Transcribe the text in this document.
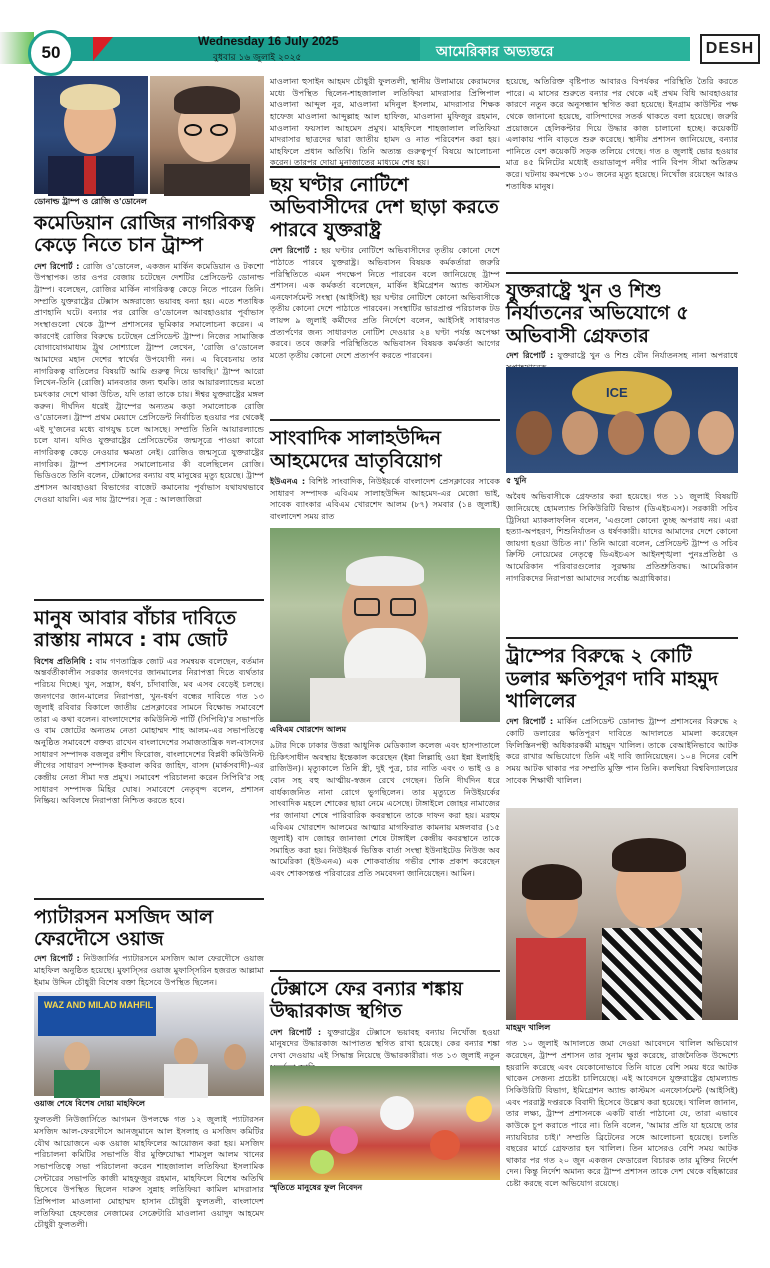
50
Wednesday 16 July 2025
বুধবার ১৬ জুলাই ২০২৫	আমেরিকার অভ্যন্তরে	DESH
ডোনাল্ড ট্রাম্প ও রোজি ও'ডোনেল
কমেডিয়ান রোজির নাগরিকত্ব কেড়ে নিতে চান ট্রাম্প
দেশ রিপোর্ট : রোজি ও'ডোনেল, একজন মার্কিন কমেডিয়ান ও টকশো উপস্থাপক। তার ওপর বেজায় চটেছেন দেশটির প্রেসিডেন্ট ডোনাল্ড ট্রাম্প। বলেছেন, রোজির মার্কিন নাগরিকত্ব কেড়ে নিতে পারেন তিনি। সম্প্রতি যুক্তরাষ্ট্রের টেক্সাস অঙ্গরাজ্যে ভয়াবহ বন্যা হয়। এতে শতাধিক প্রাণহানি ঘটে। বন্যার পর রোজি ও'ডোনেল আবহাওয়ার পূর্বাভাস সংস্থাগুলো থেকে ট্রাম্প প্রশাসনের ভূমিকার সমালোচনা করেন। এ কারণেই রোজির বিরুদ্ধে চটেছেন প্রেসিডেন্ট ট্রাম্প। নিজের সামাজিক যোগাযোগমাধ্যম ট্রুথ সোশ্যালে ট্রাম্প লেখেন, 'রোজি ও'ডোনেল আমাদের মহান দেশের স্বার্থের উপযোগী নন। এ বিবেচনায় তার নাগরিকত্ব বাতিলের বিষয়টি আমি গুরুত্ব দিয়ে ভাবছি।' ট্রাম্প আরো লিখেন-তিনি (রোজি) মানবতার জন্য হুমকি। তার আয়ারল্যান্ডের মতো চমৎকার দেশে থাকা উচিত, যদি তারা তাকে চায়। ঈশ্বর যুক্তরাষ্ট্রের মঙ্গল করুন। দীর্ঘদিন ধরেই ট্রাম্পের অন্যতম কড়া সমালোচক রোজি ও'ডোনেল। ট্রাম্প প্রথম মেয়াদে প্রেসিডেন্ট নির্বাচিত হওয়ার পর থেকেই এই দু'জনের মধ্যে বাগযুদ্ধ চলে আসছে। সম্প্রতি তিনি আয়ারল্যান্ডে চলে যান। যদিও যুক্তরাষ্ট্রের প্রেসিডেন্টের জন্মসূত্রে পাওয়া কারো নাগরিকত্ব কেড়ে নেওয়ার ক্ষমতা নেই। রোজিও জন্মসূত্রে যুক্তরাষ্ট্রের নাগরিক। ট্রাম্প প্রশাসনের সমালোচনার কী বলেছিলেন রোজি। ভিডিওতে তিনি বলেন, টেক্সাসের বন্যায় বহু মানুষের মৃত্যু হয়েছে। ট্রাম্প প্রশাসন আবহাওয়া বিভাগের বাজেট কমানোয় পূর্বাভাস যথাযথভাবে দেওয়া যায়নি। এর দায় ট্রাম্পের। সূত্র : আলজাজিরা
মানুষ আবার বাঁচার দাবিতে রাস্তায় নামবে : বাম জোট
বিশেষ প্রতিনিধি : বাম গণতান্ত্রিক জোট এর সমন্বয়ক বলেছেন, বর্তমান অন্তর্বর্তীকালীন সরকার জনগণের জানমালের নিরাপত্তা দিতে ব্যর্থতার পরিচয় দিচ্ছে। খুন, সন্ত্রাস, ধর্ষণ, চাঁদাবাজি, মব এসব বেড়েই চলছে। জনগণের জান-মালের নিরাপত্তা, খুন-ধর্ষণ বন্ধের দাবিতে গত ১৩ জুলাই রবিবার বিকালে জাতীয় প্রেসক্লাবের সামনে বিক্ষোভ সমাবেশে তারা এ কথা বলেন। বাংলাদেশের কমিউনিস্ট পার্টি (সিপিবি)'র সভাপতি ও বাম জোটের অন্যতম নেতা মোহাম্মদ শাহ আলম-এর সভাপতিত্বে অনুষ্ঠিত সমাবেশে বক্তব্য রাখেন বাংলাদেশের সমাজতান্ত্রিক দল-বাসদের সাধারণ সম্পাদক বজলুর রশীদ ফিরোজ, বাংলাদেশের বিপ্লবী কমিউনিস্ট লীগের সাধারণ সম্পাদক ইকবাল কবির জাহিদ, বাসদ (মার্কসবাদী)-এর কেন্দ্রীয় নেতা সীমা দত্ত প্রমুখ। সমাবেশ পরিচালনা করেন সিপিবি'র সহ সাধারণ সম্পাদক মিহির ঘোষ। সমাবেশে নেতৃবৃন্দ বলেন, প্রশাসন নিষ্ক্রিয়। অবিলম্বে নিরাপত্তা নিশ্চিত করতে হবে।
প্যাটারসন মসজিদ আল ফেরদৌসে ওয়াজ
দেশ রিপোর্ট : নিউজার্সির প্যাটারসনে মসজিদ আল ফেরদৌসে ওয়াজ মাহফিল অনুষ্ঠিত হয়েছে। মুফাস্সির ওয়াজ মুফাস্সিরিন হজরত আল্লামা ইমাম উদ্দিন চৌধুরী বিশেষ বক্তা হিসেবে উপস্থিত ছিলেন।
WAZ AND MILAD MAHFIL
ওয়াজ শেষে বিশেষ দোয়া মাহফিলে
ফুলতলী নিউজার্সিতে আগমন উপলক্ষে গত ১২ জুলাই প্যাটারসন মসজিদ আল-ফেরদৌসে আনজুমানে আল ইসলাহ ও মসজিদ কমিটির যৌথ আয়োজনে এক ওয়াজ মাহফিলের আয়োজন করা হয়। মসজিদ পরিচালনা কমিটির সভাপতি বীর মুক্তিযোদ্ধা শামসুল আলম খানের সভাপতিত্বে সভা পরিচালনা করেন শাহজালাল লতিফিয়া ইসলামিক সেন্টারের সভাপতি কাজী মাহফুজুর রহমান, মাহফিলে বিশেষ অতিথি হিসেবে উপস্থিত ছিলেন দারুস সুন্নাহ লতিফিয়া কামিল মাদরাসার প্রিন্সিপাল মাওলানা মোহাম্মদ হাসান চৌধুরী ফুলতলী, বাংলাদেশ লতিফিয়া হেফজের নেজামের সেক্রেটারি মাওলানা ওয়াদুদ আহমেদ চৌধুরী ফুলতলী।
মাওলানা হুসাইন আহমদ চৌধুরী ফুলতলী, স্থানীয় উলামায়ে কেরামদের মধ্যে উপস্থিত ছিলেন-শাহজালাল লতিফিয়া মাদরাসার প্রিন্সিপাল মাওলানা আব্দুল নুর, মাওলানা মদিনুল ইসলাম, মাদরাসার শিক্ষক হাফেজ মাওলানা আব্দুল্লাহ আল হাফিজ, মাওলানা মুফিজুর রহমান, মাওলানা ফয়সাল আহমেদ প্রমুখ। মাহফিলে শাহজালাল লতিফিয়া মাদরাসার ছাত্রদের দ্বারা জাতীয় হামদ ও নাত পরিবেশন করা হয়। মাহফিলে প্রধান অতিথি। তিনি অত্যন্ত গুরুত্বপূর্ণ বিষয়ে আলোচনা করেন। তারপর দোয়া মুনাজাতের মাধ্যমে শেষ হয়।
ছয় ঘণ্টার নোটিশে অভিবাসীদের দেশ ছাড়া করতে পারবে যুক্তরাষ্ট্র
দেশ রিপোর্ট : ছয় ঘণ্টার নোটিশে অভিবাসীদের তৃতীয় কোনো দেশে পাঠাতে পারবে যুক্তরাষ্ট্র। অভিবাসন বিষয়ক কর্মকর্তারা জরুরি পরিস্থিতিতে এমন পদক্ষেপ নিতে পারবেন বলে জানিয়েছে ট্রাম্প প্রশাসন। এক কর্মকর্তা বলেছেন, মার্কিন ইমিগ্রেশন অ্যান্ড কাস্টমস এনফোর্সমেন্ট সংস্থা (আইসিই) ছয় ঘণ্টার নোটিশে কোনো অভিবাসীকে তৃতীয় কোনো দেশে পাঠাতে পারবেন। সংস্থাটির ভারপ্রাপ্ত পরিচালক টড লায়ন্স ৯ জুলাই কর্মীদের প্রতি নির্দেশে বলেন, আইসিই সাধারণত প্রত্যর্পণের জন্য সাধারণত নোটিশ দেওয়ার ২৪ ঘণ্টা পর্যন্ত অপেক্ষা করবে। তবে জরুরি পরিস্থিতিতে অভিবাসন বিষয়ক কর্মকর্তা আগের মতো তৃতীয় কোনো দেশে প্রত্যর্পণ করতে পারবেন।
সাংবাদিক সালাহউদ্দিন আহমেদের ভ্রাতৃবিয়োগ
ইউএনএ : বিশিষ্ট সাংবাদিক, নিউইয়র্কে বাংলাদেশ প্রেসক্লাবের সাবেক সাধারণ সম্পাদক এবিএম সালাহউদ্দিন আহমেদ-এর মেজো ভাই, সাবেক ব্যাংকার এবিএম খোরশেদ আলম (৮৭) সমবার (১৪ জুলাই) বাংলাদেশ সময় রাত
এবিএম খোরশেদ আলম
৯টার দিকে ঢাকার উত্তরা আধুনিক মেডিক্যাল কলেজ এবং হাসপাতালে চিকিৎসাধীন অবস্থায় ইন্তেকাল করেছেন (ইন্না লিল্লাহি ওয়া ইন্না ইলাইহি রাজিউন)। মৃত্যুকালে তিনি স্ত্রী, দুই পুত্র, চার নাতি এবং ৩ ভাই ও ৪ বোন সহ বহু আত্মীয়-স্বজন রেখে গেছেন। তিনি দীর্ঘদিন ধরে বার্ধক্যজনিত নানা রোগে ভুগছিলেন। তার মৃত্যুতে নিউইয়র্কের সাংবাদিক মহলে শোকের ছায়া নেমে এসেছে। টাঙ্গাইলে জোহর নামাজের পর জানাযা শেষে পারিবারিক কবরস্থানে তাকে দাফন করা হয়। মরহুম এবিএম খোরশেদ আলমের আত্মার মাগফিরাত কামনায় মঙ্গলবার (১৫ জুলাই) বাদ জোহর জানাজা শেষে টাঙ্গাইল কেন্দ্রীয় কবরস্থানে তাকে সমাহিত করা হয়। নিউইয়র্ক ভিত্তিক বার্তা সংস্থা ইউনাইটেড নিউজ অব আমেরিকা (ইউএনএ) এক শোকবার্তায় গভীর শোক প্রকাশ করেছেন এবং শোকসন্তপ্ত পরিবারের প্রতি সমবেদনা জানিয়েছেন। আমিন।
টেক্সাসে ফের বন্যার শঙ্কায় উদ্ধারকাজ স্থগিত
দেশ রিপোর্ট : যুক্তরাষ্ট্রের টেক্সাসে ভয়াবহ বন্যায় নিখোঁজ হওয়া মানুষদের উদ্ধারকাজ আপাতত স্থগিত রাখা হয়েছে। কের বন্যার শঙ্কা দেখা দেওয়ায় এই সিদ্ধান্ত নিয়েছে উদ্ধারকারীরা। গত ১৩ জুলাই নতুন
স্মৃতিতে মানুষের ফুল নিবেদন
হয়েছে, অতিরিক্ত বৃষ্টিপাত আবারও বিপর্যকর পরিস্থিতি তৈরি করতে পারে। এ মাসের শুরুতে বন্যার পর থেকে এই প্রথম বিধি আবহাওয়ার কারণে নতুন করে অনুসন্ধান স্থগিত করা হয়েছে। ইনগ্রাম কাউন্টির পক্ষ থেকে জানানো হয়েছে, বাসিন্দাদের সতর্ক থাকতে বলা হয়েছে। জরুরি প্রয়োজনে হেলিকপ্টার দিয়ে উদ্ধার কাজ চালানো হচ্ছে। কয়েকটি এলাকায় পানি বাড়তে শুরু করেছে। স্থানীয় প্রশাসন জানিয়েছে, বন্যার পানিতে বেশ কয়েকটি সড়ক তলিয়ে গেছে। গত ৪ জুলাই ভোর হওয়ার মাত্র ৪৫ মিনিটের মধ্যেই গুয়াডালুপ নদীর পানি বিপদ সীমা অতিক্রম করে। ঘটনায় কমপক্ষে ১৩০ জনের মৃত্যু হয়েছে। নিখোঁজ রয়েছেন আরও শতাধিক মানুষ।
যুক্তরাষ্ট্রে খুন ও শিশু নির্যাতনের অভিযোগে ৫ অভিবাসী গ্রেফতার
দেশ রিপোর্ট : যুক্তরাষ্ট্রে খুন ও শিশু যৌন নির্যাতনসহ নানা অপরাধে
ICE
৫ খুনি
অবৈধ অভিবাসীকে গ্রেফতার করা হয়েছে। গত ১১ জুলাই বিষয়টি জানিয়েছে হোমল্যান্ড সিকিউরিটি বিভাগ (ডিএইচএস)। সরকারী সচিব ট্রিসিয়া ম্যাকলাফলিন বলেন, 'এগুলো কোনো তুচ্ছ অপরাধ নয়। এরা হত্যা-অপহরণ, শিশুনির্যাতন ও ধর্ষণকারী। যাদের আমাদের দেশে কোনো জায়গা হওয়া উচিত না।' তিনি আরো বলেন, প্রেসিডেন্ট ট্রাম্প ও সচিব ক্রিস্টি নোয়েমের নেতৃত্বে ডিএইচএস আইনশৃঙ্খলা পুনঃপ্রতিষ্ঠা ও আমেরিকান পরিবারগুলোর সুরক্ষায় প্রতিশ্রুতিবদ্ধ। আমেরিকান নাগরিকদের নিরাপত্তা আমাদের সর্বোচ্চ অগ্রাধিকার।
ট্রাম্পের বিরুদ্ধে ২ কোটি ডলার ক্ষতিপূরণ দাবি মাহমুদ খালিলের
দেশ রিপোর্ট : মার্কিন প্রেসিডেন্ট ডোনাল্ড ট্রাম্প প্রশাসনের বিরুদ্ধে ২ কোটি ডলারের ক্ষতিপূরণ দাবিতে আদালতে মামলা করেছেন ফিলিস্তিনপন্থী অধিকারকর্মী মাহমুদ খালিল। তাকে বেআইনিভাবে আটক করে রাখার অভিযোগে তিনি এই দাবি জানিয়েছেন। ১০৪ দিনের বেশি সময় আটক থাকার পর সম্প্রতি মুক্তি পান তিনি। কলম্বিয়া বিশ্ববিদ্যালয়ের সাবেক শিক্ষার্থী খালিল।
মাহমুদ খালিল
গত ১০ জুলাই আদালতে জমা দেওয়া আবেদনে খালিল অভিযোগ করেছেন, ট্রাম্প প্রশাসন তার সুনাম ক্ষুণ্ণ করেছে, রাজনৈতিক উদ্দেশ্যে হয়রানি করেছে এবং যেকোনোভাবে তিনি যাতে বেশি সময় ধরে আটক থাকেন সেজন্য প্রচেষ্টা চালিয়েছে। এই আবেদনে যুক্তরাষ্ট্রের হোমল্যান্ড সিকিউরিটি বিভাগ, ইমিগ্রেশন অ্যান্ড কাস্টমস এনফোর্সমেন্ট (আইসিই) এবং পররাষ্ট্র দপ্তরকে বিবাদী হিসেবে উল্লেখ করা হয়েছে। খালিল জানান, তার লক্ষ্য, ট্রাম্প প্রশাসনকে একটি বার্তা পাঠানো যে, তারা এভাবে কাউকে চুপ করাতে পারে না। তিনি বলেন, 'আমার প্রতি যা হয়েছে তার ন্যায়বিচার চাই।' সম্প্রতি ব্রিটেনের সঙ্গে আলোচনা হয়েছে। চলতি বছরের মার্চে গ্রেফতার হন খালিল। তিন মাসেরও বেশি সময় আটক থাকার পর গত ২০ জুন একজন ফেডারেল বিচারক তার মুক্তির নির্দেশ দেন। কিন্তু নির্দেশ অমান্য করে ট্রাম্প প্রশাসন তাকে দেশ থেকে বহিষ্কারের চেষ্টা করছে বলে অভিযোগ রয়েছে।
